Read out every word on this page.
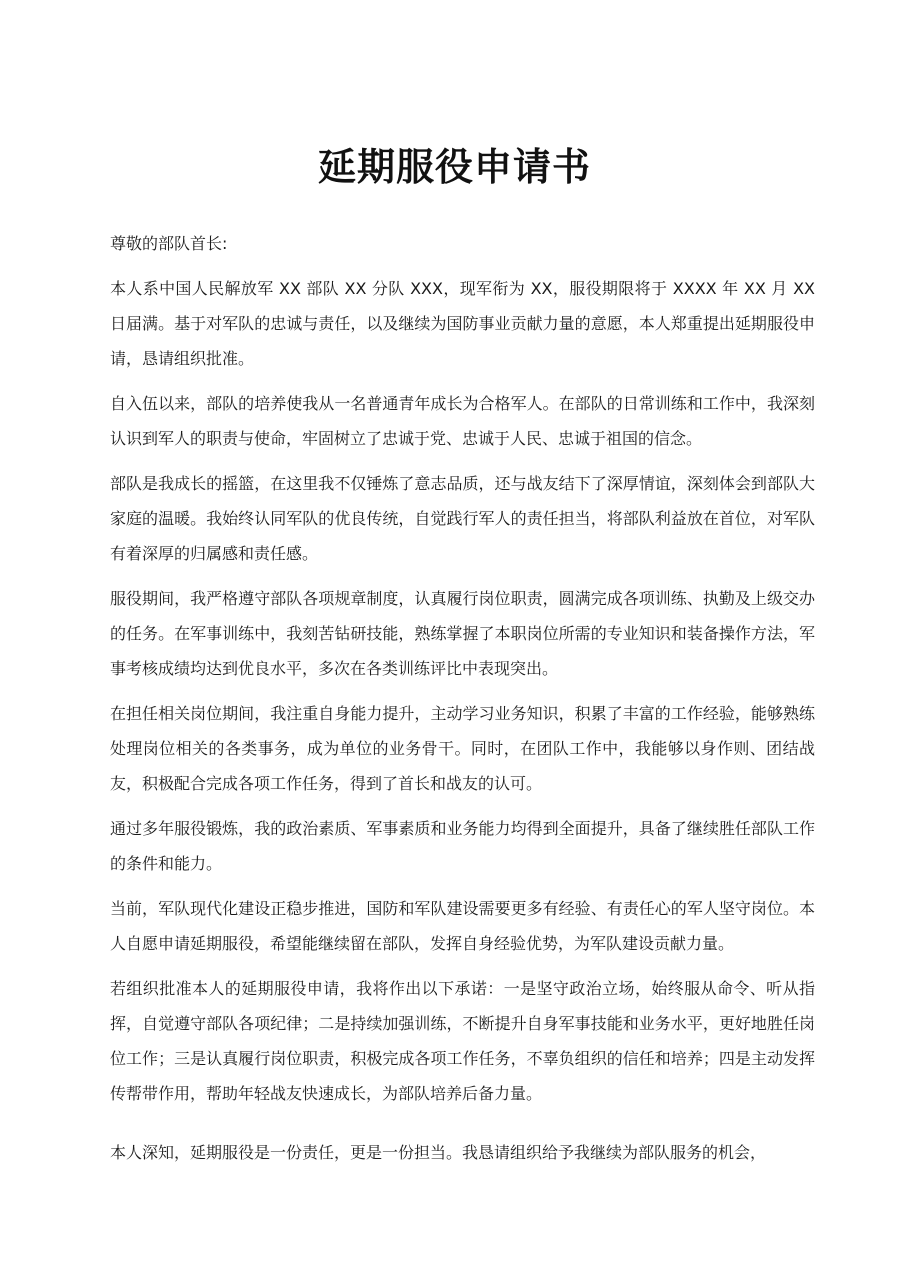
延期服役申请书

尊敬的部队首长:

本人系中国人民解放军 XX 部队 XX 分队 XXX，现军衔为 XX，服役期限将于 XXXX 年 XX 月 XX 日届满。基于对军队的忠诚与责任，以及继续为国防事业贡献力量的意愿，本人郑重提出延期服役申请，恳请组织批准。

自入伍以来，部队的培养使我从一名普通青年成长为合格军人。在部队的日常训练和工作中，我深刻认识到军人的职责与使命，牢固树立了忠诚于党、忠诚于人民、忠诚于祖国的信念。

部队是我成长的摇篮，在这里我不仅锤炼了意志品质，还与战友结下了深厚情谊，深刻体会到部队大家庭的温暖。我始终认同军队的优良传统，自觉践行军人的责任担当，将部队利益放在首位，对军队有着深厚的归属感和责任感。

服役期间，我严格遵守部队各项规章制度，认真履行岗位职责，圆满完成各项训练、执勤及上级交办的任务。在军事训练中，我刻苦钻研技能，熟练掌握了本职岗位所需的专业知识和装备操作方法，军事考核成绩均达到优良水平，多次在各类训练评比中表现突出。

在担任相关岗位期间，我注重自身能力提升，主动学习业务知识，积累了丰富的工作经验，能够熟练处理岗位相关的各类事务，成为单位的业务骨干。同时，在团队工作中，我能够以身作则、团结战友，积极配合完成各项工作任务，得到了首长和战友的认可。

通过多年服役锻炼，我的政治素质、军事素质和业务能力均得到全面提升，具备了继续胜任部队工作的条件和能力。

当前，军队现代化建设正稳步推进，国防和军队建设需要更多有经验、有责任心的军人坚守岗位。本人自愿申请延期服役，希望能继续留在部队，发挥自身经验优势，为军队建设贡献力量。

若组织批准本人的延期服役申请，我将作出以下承诺：一是坚守政治立场，始终服从命令、听从指挥，自觉遵守部队各项纪律；二是持续加强训练，不断提升自身军事技能和业务水平，更好地胜任岗位工作；三是认真履行岗位职责，积极完成各项工作任务，不辜负组织的信任和培养；四是主动发挥传帮带作用，帮助年轻战友快速成长，为部队培养后备力量。

本人深知，延期服役是一份责任，更是一份担当。我恳请组织给予我继续为部队服务的机会，
